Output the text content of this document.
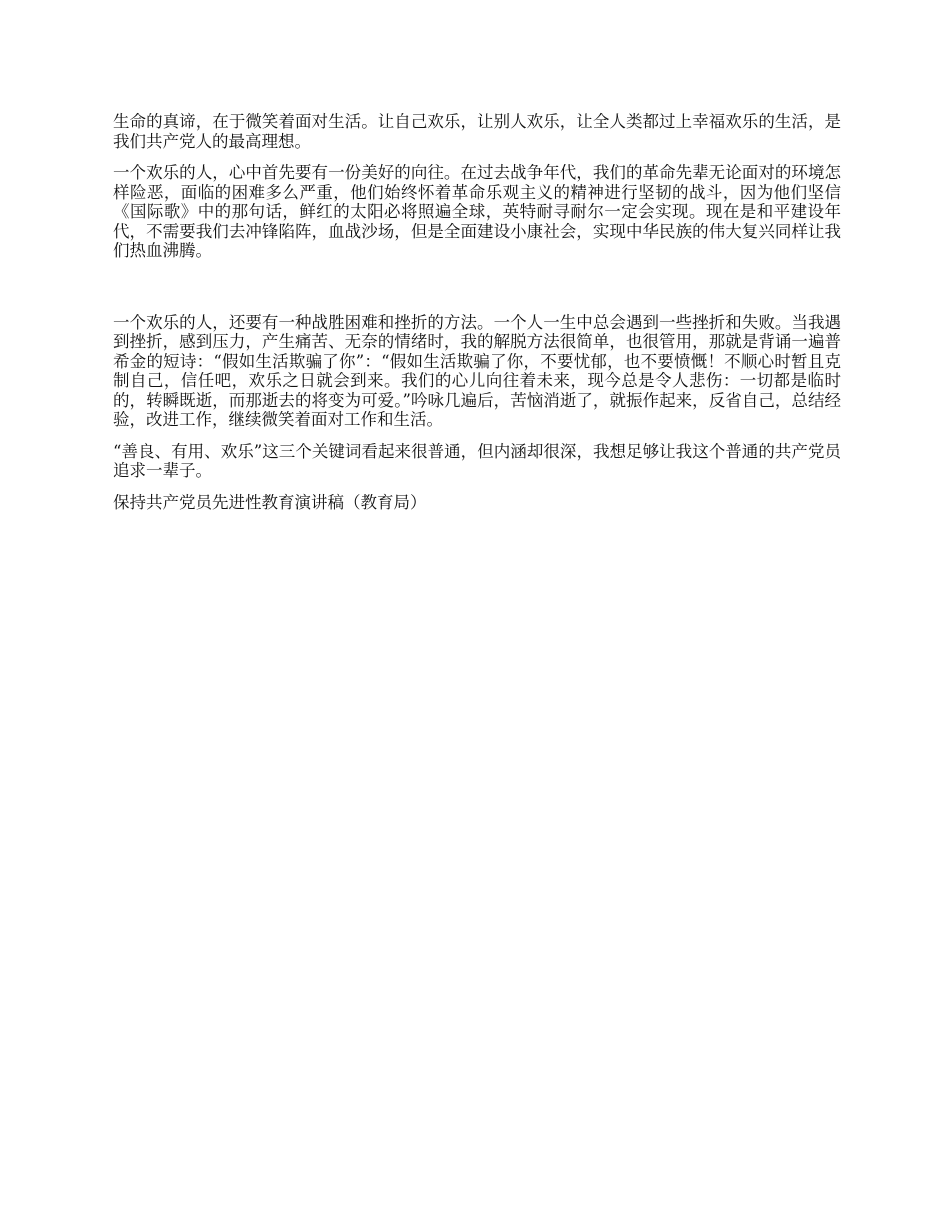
生命的真谛，在于微笑着面对生活。让自己欢乐，让别人欢乐，让全人类都过上幸福欢乐的生活，是我们共产党人的最高理想。

一个欢乐的人，心中首先要有一份美好的向往。在过去战争年代，我们的革命先辈无论面对的环境怎样险恶，面临的困难多么严重，他们始终怀着革命乐观主义的精神进行坚韧的战斗，因为他们坚信《国际歌》中的那句话，鲜红的太阳必将照遍全球，英特耐寻耐尔一定会实现。现在是和平建设年代，不需要我们去冲锋陷阵，血战沙场，但是全面建设小康社会，实现中华民族的伟大复兴同样让我们热血沸腾。

一个欢乐的人，还要有一种战胜困难和挫折的方法。一个人一生中总会遇到一些挫折和失败。当我遇到挫折，感到压力，产生痛苦、无奈的情绪时，我的解脱方法很简单，也很管用，那就是背诵一遍普希金的短诗：“假如生活欺骗了你”：“假如生活欺骗了你，不要忧郁，也不要愤慨！不顺心时暂且克制自己，信任吧，欢乐之日就会到来。我们的心儿向往着未来，现今总是令人悲伤：一切都是临时的，转瞬既逝，而那逝去的将变为可爱。”吟咏几遍后，苦恼消逝了，就振作起来，反省自己，总结经验，改进工作，继续微笑着面对工作和生活。

“善良、有用、欢乐”这三个关键词看起来很普通，但内涵却很深，我想足够让我这个普通的共产党员追求一辈子。

保持共产党员先进性教育演讲稿（教育局）
